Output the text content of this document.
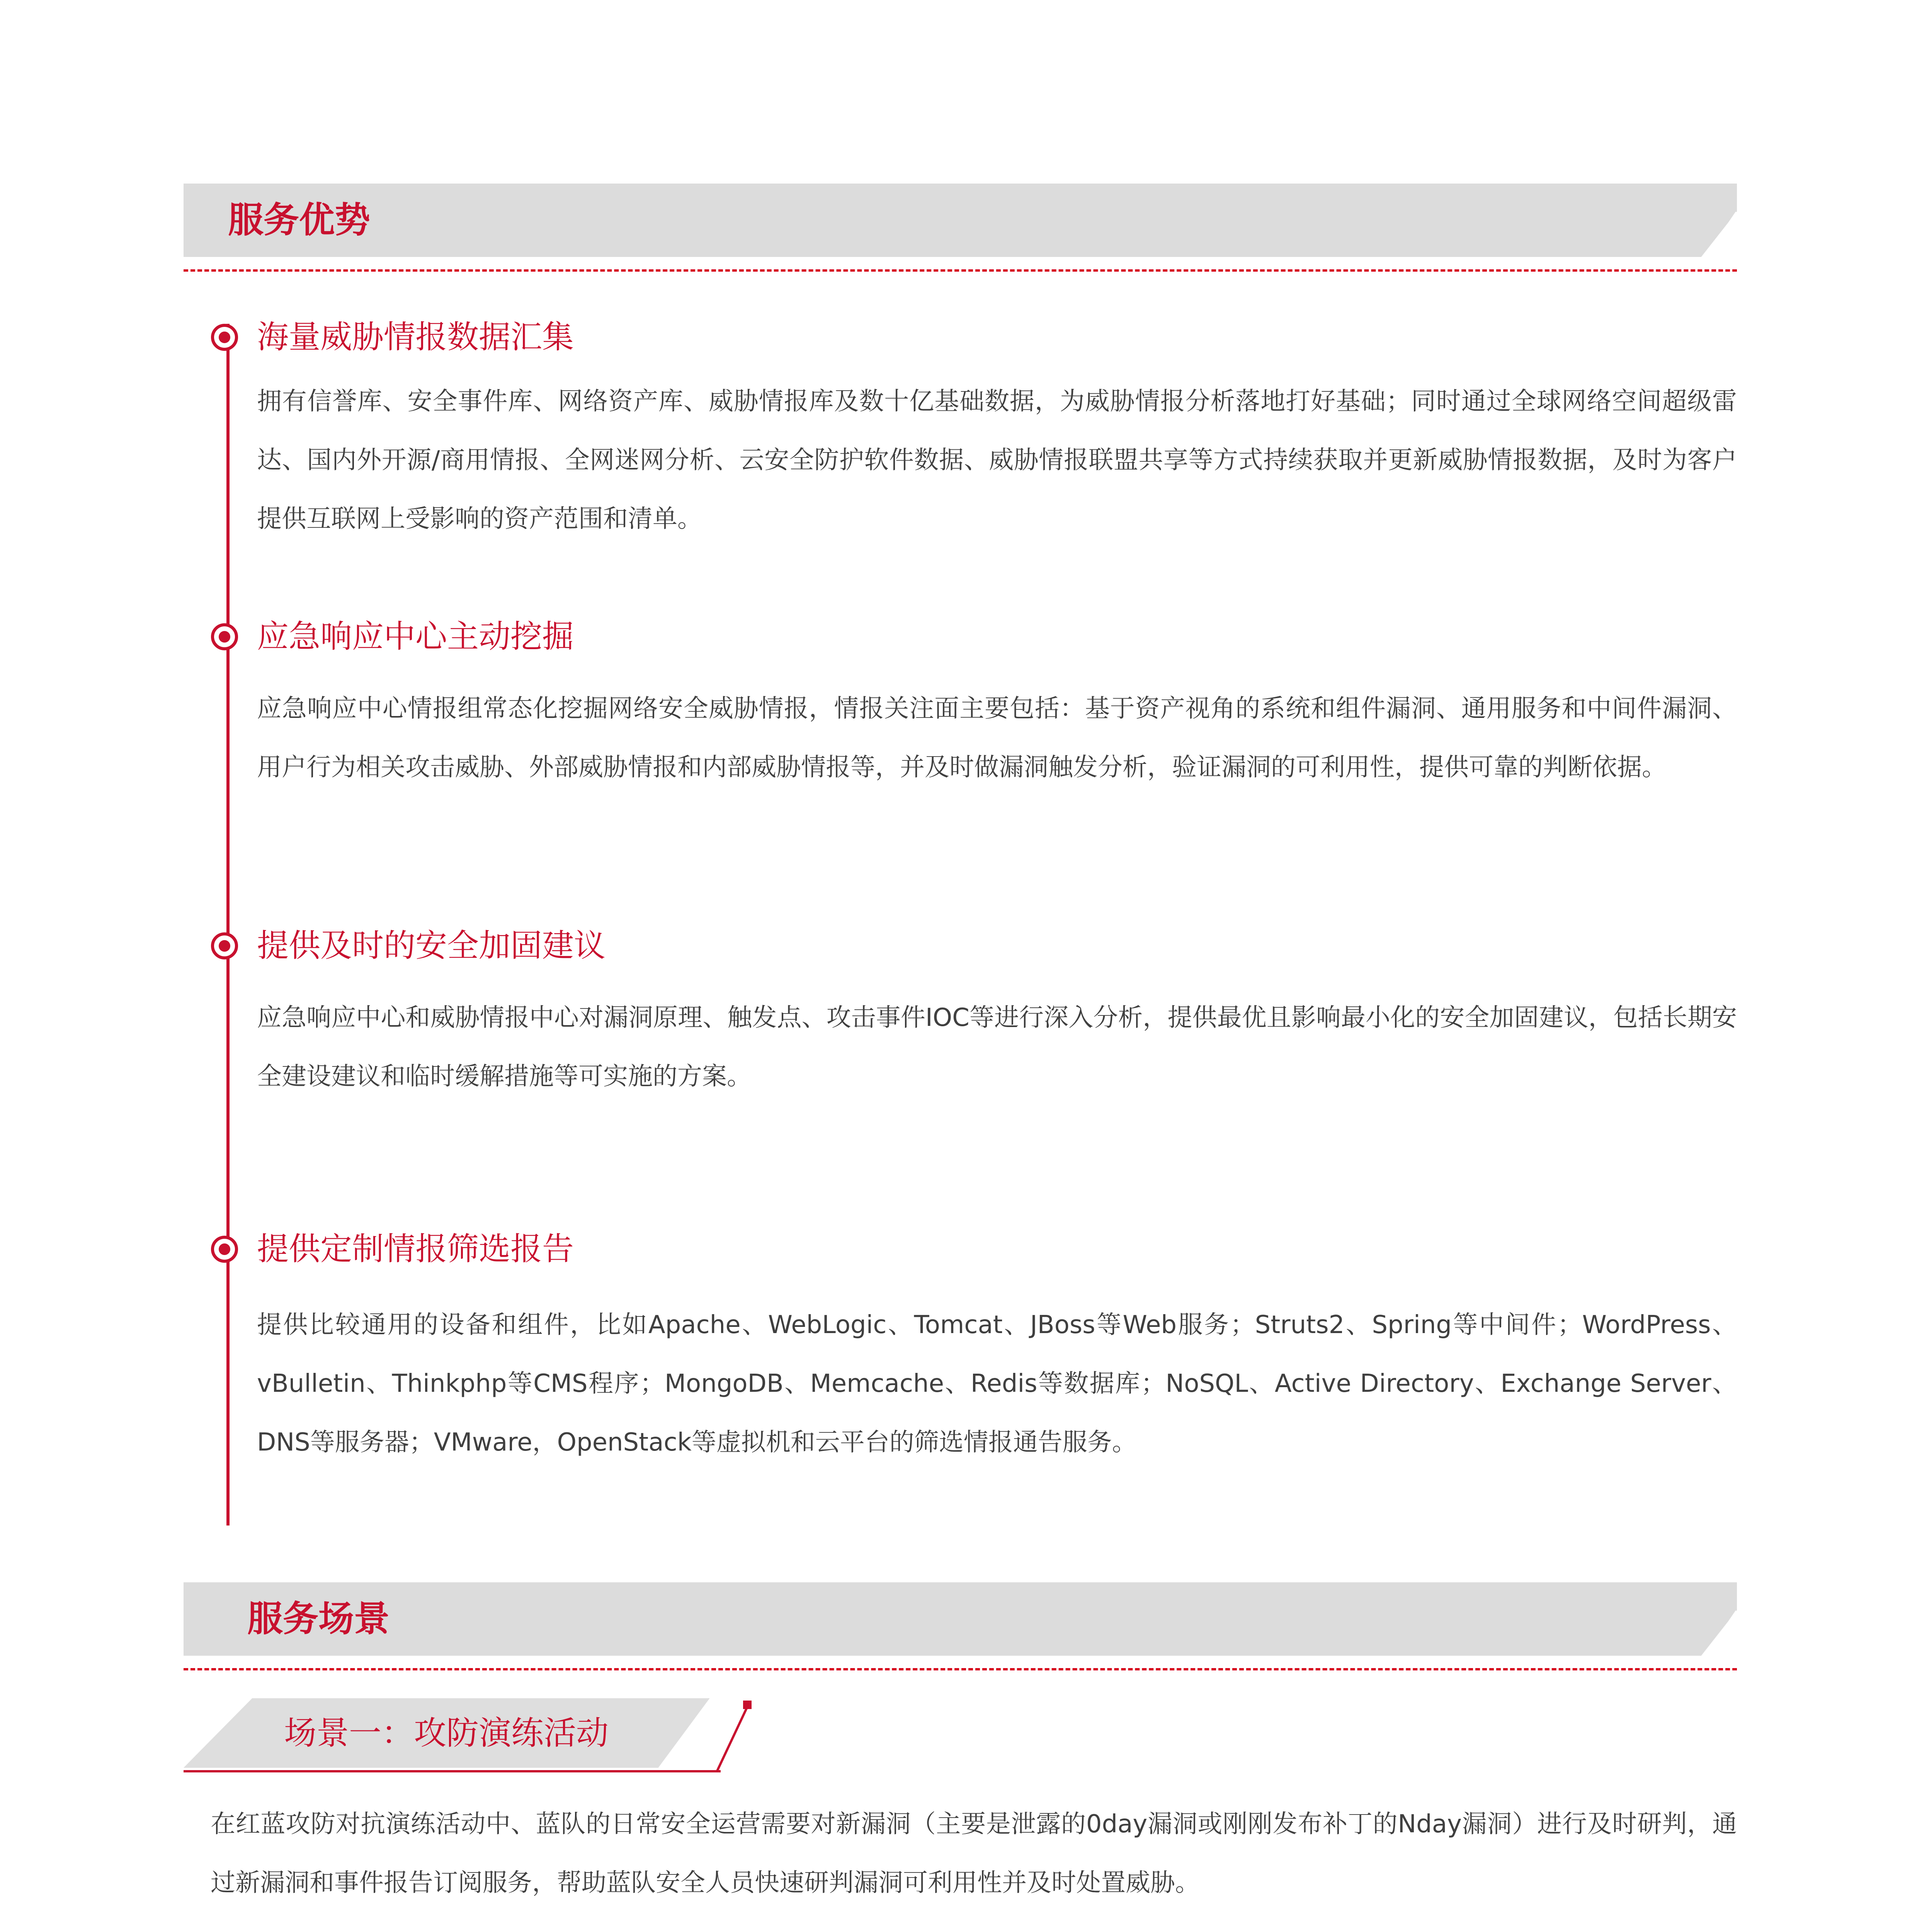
服务优势
海量威胁情报数据汇集

拥有信誉库、安全事件库、网络资产库、威胁情报库及数十亿基础数据，为威胁情报分析落地打好基础；同时通过全球网络空间超级雷达、国内外开源/商用情报、全网迷网分析、云安全防护软件数据、威胁情报联盟共享等方式持续获取并更新威胁情报数据，及时为客户提供互联网上受影响的资产范围和清单。

应急响应中心主动挖掘

应急响应中心情报组常态化挖掘网络安全威胁情报，情报关注面主要包括：基于资产视角的系统和组件漏洞、通用服务和中间件漏洞、用户行为相关攻击威胁、外部威胁情报和内部威胁情报等，并及时做漏洞触发分析，验证漏洞的可利用性，提供可靠的判断依据。

提供及时的安全加固建议

应急响应中心和威胁情报中心对漏洞原理、触发点、攻击事件IOC等进行深入分析，提供最优且影响最小化的安全加固建议，包括长期安全建设建议和临时缓解措施等可实施的方案。

提供定制情报筛选报告

提供比较通用的设备和组件，比如Apache、WebLogic、Tomcat、JBoss等Web服务；Struts2、Spring等中间件；WordPress、vBulletin、Thinkphp等CMS程序；MongoDB、Memcache、Redis等数据库；NoSQL、Active Directory、Exchange Server、DNS等服务器；VMware，OpenStack等虚拟机和云平台的筛选情报通告服务。

服务场景
场景一：攻防演练活动

在红蓝攻防对抗演练活动中、蓝队的日常安全运营需要对新漏洞（主要是泄露的0day漏洞或刚刚发布补丁的Nday漏洞）进行及时研判，通过新漏洞和事件报告订阅服务，帮助蓝队安全人员快速研判漏洞可利用性并及时处置威胁。
